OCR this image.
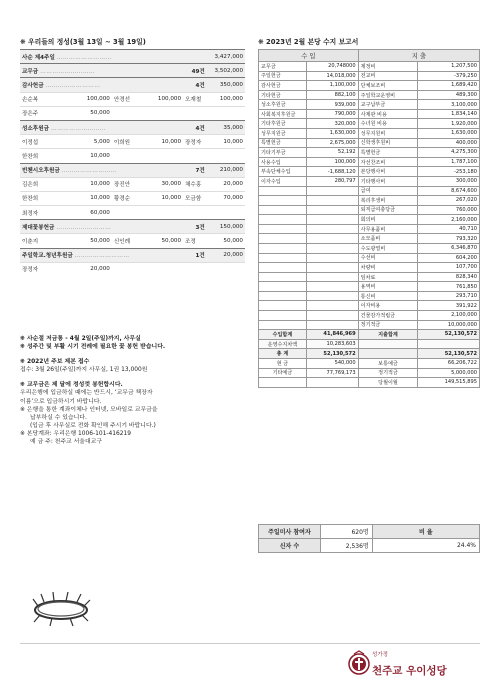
❋ 우리들의 정성(3월 13일 ~ 3월 19일)
사순 제4주일 ………………………					3,427,000
교무금 ………………………			49건		3,502,000
감사헌금 ………………………			4건		350,000
손순복	100,000	안경선	100,000	오재철	100,000
장은주	50,000				
성소후원금 ………………………			4건		35,000
이정섭	5,000	이희원	10,000	장정자	10,000
한찬희	10,000				
빈첸시오후원금 ………………………			7건		210,000
김은희	10,000	장진안	30,000	채수홍	20,000
한찬희	10,000	황경순	10,000	모금함	70,000
최정자	60,000				
제대꽃봉헌금 ………………………			3건		150,000
이춘지	50,000	신인례	50,000	조정	50,000
주일학교.청년후원금 ………………………			1건		20,000
장정자	20,000				
❋ 사순절 저금통 - 4월 2일(주일)까지, 사무실
❋ 성주간 및 부활 시기 전례에 필요한 꽃 봉헌 받습니다.
❋ 2022년 주보 제본 접수
접수: 3월 26일(주일)까지 사무실, 1권 13,000원
❋ 교무금은 제 달에 정성껏 봉헌합시다.
우리은행에 입금하실 때에는 반드시, ‘교무금 책장자
이름’으로 입금하시기 바랍니다.
※ 은행을 통한 계좌이체나 인터넷, 모바일로 교무금을
납부하실 수 있습니다.
(입금 후 사무실로 전화 확인해 주시기 바랍니다.)
※ 본당계좌: 우리은행 1006-101-416219
예 금 주: 천주교 서울대교구
❋ 2023년 2월 본당 수지 보고서
수 입		지 출	
교무금	20,748000	제정비	1,207,500
주일헌금	14,018,000	전교비	-379,250
감사헌금	1,100,000	단체보조비	1,689,420
기타헌금	882,100	주일학교운영비	489,300
성소후원금	939,000	교구납부금	3,100,000
사회복지후원금	790,000	사제관 비용	1,834,140
기타후원금	320,000	수녀원 비용	1,920,000
성무지원금	1,630,000	성무지원비	1,630,000
특별헌금	2,675,000	신학생후원비	400,000
기타기부금	52,192	특별헌금	4,275,300
사용수입	100,000	자선찬조비	1,787,100
부속단체수입	-1,688,120	본당행사비	-253,180
이자수입	280,797	기타행사비	300,000
		급여	8,674,600
		복리후생비	267,020
		퇴직급여충당금	760,000
		회의비	2,160,000
		사무용품비	40,710
		소모품비	793,320
		수도광열비	6,346,870
		수선비	604,200
		차량비	107,700
		임차료	828,340
		용역비	761,850
		통신비	293,710
		이자비용	391,922
		건물감가적립금	2,100,000
		정기적금	10,000,000
수입합계	41,846,969	지출합계	52,130,572
운영수지차액	10,283,603		
총 계	52,130,572		52,130,572
현 금	540,000	보통예금	66,206,722
기타예금	77,769,173	정기적금	5,000,000
		당월이월	149,515,895
주일미사 참여자	620명	비 율
신자 수	2,536명	24.4%
성가정
천주교 우이성당
